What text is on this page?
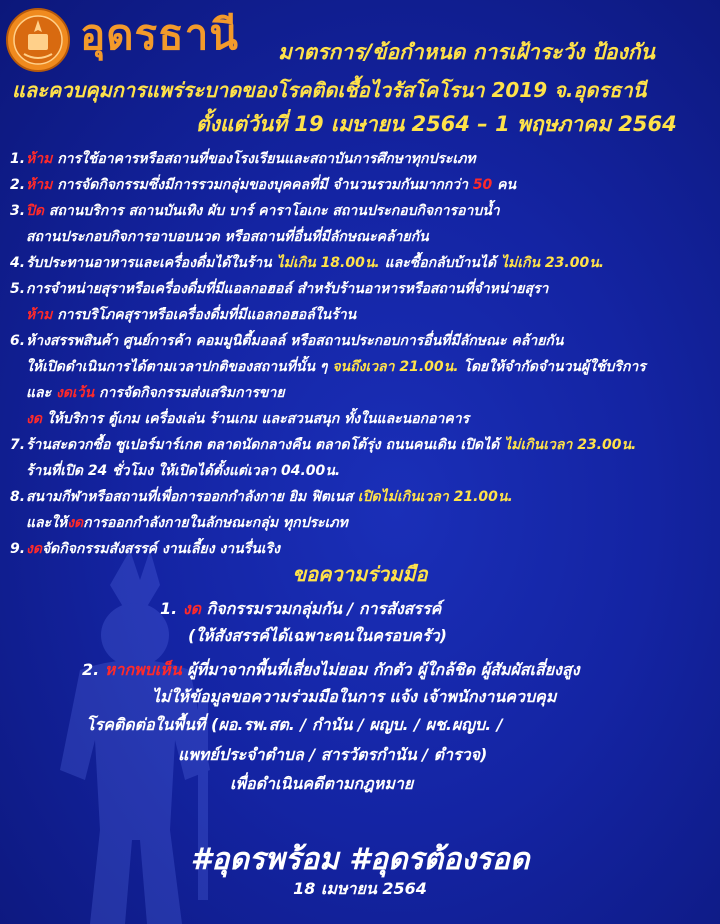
อุดรธานี มาตรการ/ข้อกำหนด การเฝ้าระวัง ป้องกัน
และควบคุมการแพร่ระบาดของโรคติดเชื้อไวรัสโคโรนา 2019 จ.อุดรธานี
ตั้งแต่วันที่ 19 เมษายน 2564 – 1 พฤษภาคม 2564
1.ห้าม การใช้อาคารหรือสถานที่ของโรงเรียนและสถาบันการศึกษาทุกประเภท
2.ห้าม การจัดกิจกรรมซึ่งมีการรวมกลุ่มของบุคคลที่มี จำนวนรวมกันมากกว่า 50 คน
3.ปิด สถานบริการ สถานบันเทิง ผับ บาร์ คาราโอเกะ สถานประกอบกิจการอาบน้ำ
สถานประกอบกิจการอาบอบนวด หรือสถานที่อื่นที่มีลักษณะคล้ายกัน
4.รับประทานอาหารและเครื่องดื่มได้ในร้าน ไม่เกิน 18.00น. และซื้อกลับบ้านได้ ไม่เกิน 23.00น.
5.การจำหน่ายสุราหรือเครื่องดื่มที่มีแอลกอฮอล์ สำหรับร้านอาหารหรือสถานที่จำหน่ายสุรา
ห้าม การบริโภคสุราหรือเครื่องดื่มที่มีแอลกอฮอล์ในร้าน
6.ห้างสรรพสินค้า ศูนย์การค้า คอมมูนิตี้มอลล์ หรือสถานประกอบการอื่นที่มีลักษณะ คล้ายกัน
ให้เปิดดำเนินการได้ตามเวลาปกติของสถานที่นั้น ๆ จนถึงเวลา 21.00น. โดยให้จำกัดจำนวนผู้ใช้บริการ
และ งดเว้น การจัดกิจกรรมส่งเสริมการขาย
งด ให้บริการ ตู้เกม เครื่องเล่น ร้านเกม และสวนสนุก ทั้งในและนอกอาคาร
7.ร้านสะดวกซื้อ ซูเปอร์มาร์เกต ตลาดนัดกลางคืน ตลาดโต้รุ่ง ถนนคนเดิน เปิดได้ ไม่เกินเวลา 23.00น.
ร้านที่เปิด 24 ชั่วโมง ให้เปิดได้ตั้งแต่เวลา 04.00น.
8.สนามกีฬาหรือสถานที่เพื่อการออกกำลังกาย ยิม ฟิตเนส เปิดไม่เกินเวลา 21.00น.
และให้งดการออกกำลังกายในลักษณะกลุ่ม ทุกประเภท
9.งดจัดกิจกรรมสังสรรค์ งานเลี้ยง งานรื่นเริง
ขอความร่วมมือ
1. งด กิจกรรมรวมกลุ่มกัน / การสังสรรค์
(ให้สังสรรค์ได้เฉพาะคนในครอบครัว)
2. หากพบเห็น ผู้ที่มาจากพื้นที่เสี่ยงไม่ยอม กักตัว ผู้ใกล้ชิด ผู้สัมผัสเสี่ยงสูง
ไม่ให้ข้อมูลขอความร่วมมือในการ แจ้ง เจ้าพนักงานควบคุม
โรคติดต่อในพื้นที่ (ผอ.รพ.สต. / กำนัน / ผญบ. / ผช.ผญบ. /
แพทย์ประจำตำบล / สารวัตรกำนัน / ตำรวจ)
เพื่อดำเนินคดีตามกฎหมาย
#อุดรพร้อม #อุดรต้องรอด
18 เมษายน 2564
